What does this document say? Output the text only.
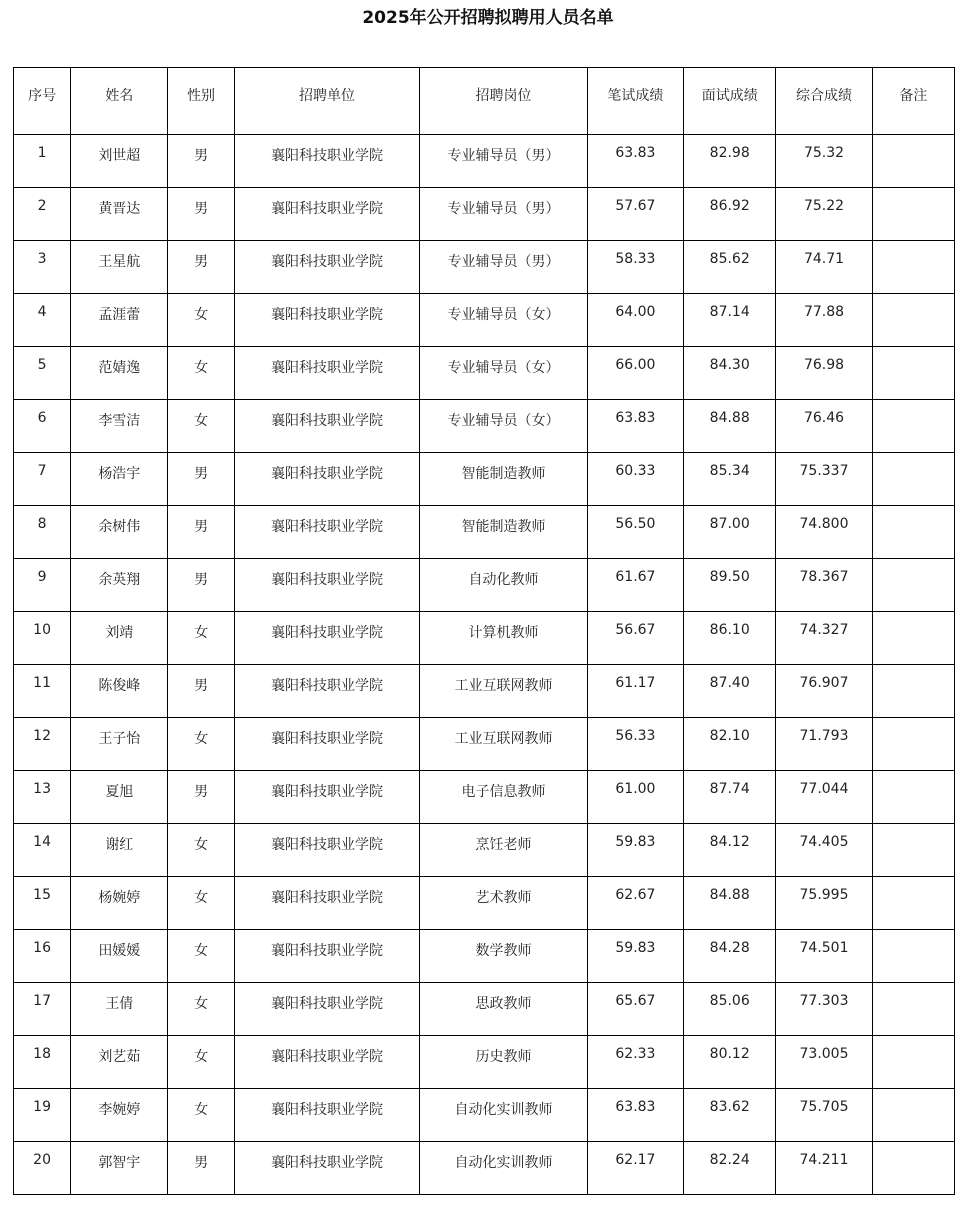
2025年公开招聘拟聘用人员名单
序号	姓名	性别	招聘单位	招聘岗位	笔试成绩	面试成绩	综合成绩	备注
1	刘世超	男	襄阳科技职业学院	专业辅导员（男）	63.83	82.98	75.32	
2	黄晋达	男	襄阳科技职业学院	专业辅导员（男）	57.67	86.92	75.22	
3	王星航	男	襄阳科技职业学院	专业辅导员（男）	58.33	85.62	74.71	
4	孟涯蕾	女	襄阳科技职业学院	专业辅导员（女）	64.00	87.14	77.88	
5	范婧逸	女	襄阳科技职业学院	专业辅导员（女）	66.00	84.30	76.98	
6	李雪洁	女	襄阳科技职业学院	专业辅导员（女）	63.83	84.88	76.46	
7	杨浩宇	男	襄阳科技职业学院	智能制造教师	60.33	85.34	75.337	
8	余树伟	男	襄阳科技职业学院	智能制造教师	56.50	87.00	74.800	
9	余英翔	男	襄阳科技职业学院	自动化教师	61.67	89.50	78.367	
10	刘靖	女	襄阳科技职业学院	计算机教师	56.67	86.10	74.327	
11	陈俊峰	男	襄阳科技职业学院	工业互联网教师	61.17	87.40	76.907	
12	王子怡	女	襄阳科技职业学院	工业互联网教师	56.33	82.10	71.793	
13	夏旭	男	襄阳科技职业学院	电子信息教师	61.00	87.74	77.044	
14	谢红	女	襄阳科技职业学院	烹饪老师	59.83	84.12	74.405	
15	杨婉婷	女	襄阳科技职业学院	艺术教师	62.67	84.88	75.995	
16	田媛媛	女	襄阳科技职业学院	数学教师	59.83	84.28	74.501	
17	王倩	女	襄阳科技职业学院	思政教师	65.67	85.06	77.303	
18	刘艺茹	女	襄阳科技职业学院	历史教师	62.33	80.12	73.005	
19	李婉婷	女	襄阳科技职业学院	自动化实训教师	63.83	83.62	75.705	
20	郭智宇	男	襄阳科技职业学院	自动化实训教师	62.17	82.24	74.211	
